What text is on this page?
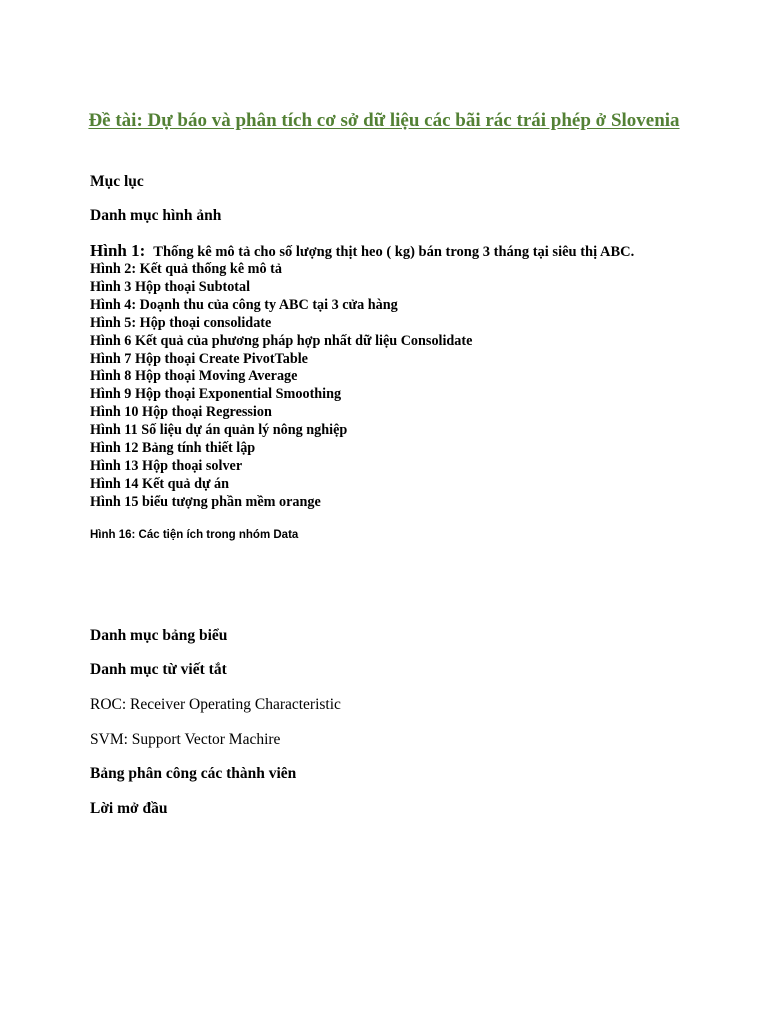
Đề tài: Dự báo và phân tích cơ sở dữ liệu các bãi rác trái phép ở Slovenia
Mục lục
Danh mục hình ảnh
Hình 1: Thống kê mô tả cho số lượng thịt heo ( kg) bán trong 3 tháng tại siêu thị ABC.
Hình 2: Kết quả thống kê mô tả
Hình 3 Hộp thoại Subtotal
Hình 4: Doạnh thu của công ty ABC tại 3 cửa hàng
Hình 5: Hộp thoại consolidate
Hình 6 Kết quả của phương pháp hợp nhất dữ liệu Consolidate
Hình 7 Hộp thoại Create PivotTable
Hình 8 Hộp thoại Moving Average
Hình 9 Hộp thoại Exponential Smoothing
Hình 10 Hộp thoại Regression
Hình 11 Số liệu dự án quản lý nông nghiệp
Hình 12 Bảng tính thiết lập
Hình 13 Hộp thoại solver
Hình 14 Kết quả dự án
Hình 15 biểu tượng phần mềm orange
Hình 16: Các tiện ích trong nhóm Data
Danh mục bảng biểu
Danh mục từ viết tắt
ROC: Receiver Operating Characteristic
SVM: Support Vector Machire
Bảng phân công các thành viên
Lời mở đầu
